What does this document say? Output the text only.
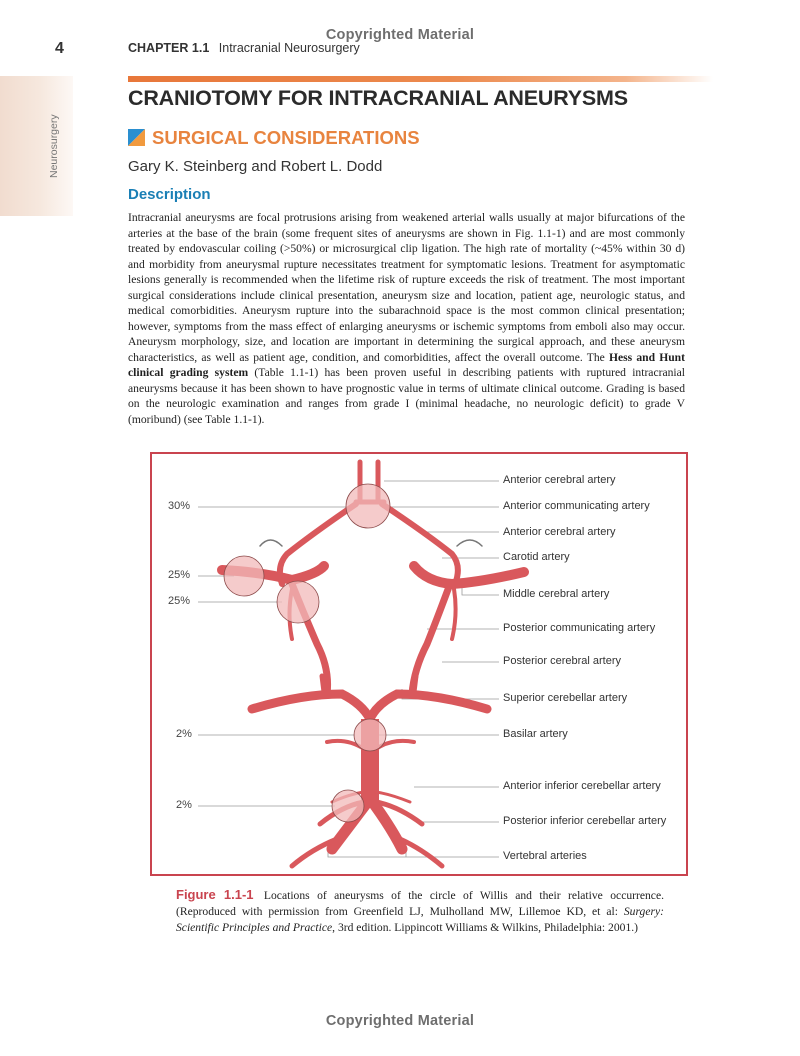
Copyrighted Material
4	CHAPTER 1.1 Intracranial Neurosurgery
Neurosurgery
CRANIOTOMY FOR INTRACRANIAL ANEURYSMS
SURGICAL CONSIDERATIONS
Gary K. Steinberg and Robert L. Dodd
Description
Intracranial aneurysms are focal protrusions arising from weakened arterial walls usually at major bifurcations of the arteries at the base of the brain (some frequent sites of aneurysms are shown in Fig. 1.1-1) and are most commonly treated by endovascular coiling (>50%) or microsurgical clip ligation. The high rate of mortality (~45% within 30 d) and morbidity from aneurysmal rupture necessitates treatment for symptomatic lesions. Treatment for asymptomatic lesions generally is recommended when the lifetime risk of rupture exceeds the risk of treatment. The most important surgical considerations include clinical presentation, aneurysm size and location, patient age, neurologic status, and medical comorbidities. Aneurysm rupture into the subarachnoid space is the most common clinical presentation; however, symptoms from the mass effect of enlarging aneurysms or ischemic symptoms from emboli also may occur. Aneurysm morphology, size, and location are important in determining the surgical approach, and these aneurysm characteristics, as well as patient age, condition, and comorbidities, affect the overall outcome. The Hess and Hunt clinical grading system (Table 1.1-1) has been proven useful in describing patients with ruptured intracranial aneurysms because it has been shown to have prognostic value in terms of ultimate clinical outcome. Grading is based on the neurologic examination and ranges from grade I (minimal headache, no neurologic deficit) to grade V (moribund) (see Table 1.1-1).
Anterior cerebral artery
Anterior communicating artery
Anterior cerebral artery
Carotid artery
Middle cerebral artery
Posterior communicating artery
Posterior cerebral artery
Superior cerebellar artery
Basilar artery
Anterior inferior cerebellar artery
Posterior inferior cerebellar artery
Vertebral arteries
30%
25%
25%
2%
2%
Figure 1.1-1 Locations of aneurysms of the circle of Willis and their relative occurrence. (Reproduced with permission from Greenfield LJ, Mulholland MW, Lillemoe KD, et al: Surgery: Scientific Principles and Practice, 3rd edition. Lippincott Williams & Wilkins, Philadelphia: 2001.)
Copyrighted Material
